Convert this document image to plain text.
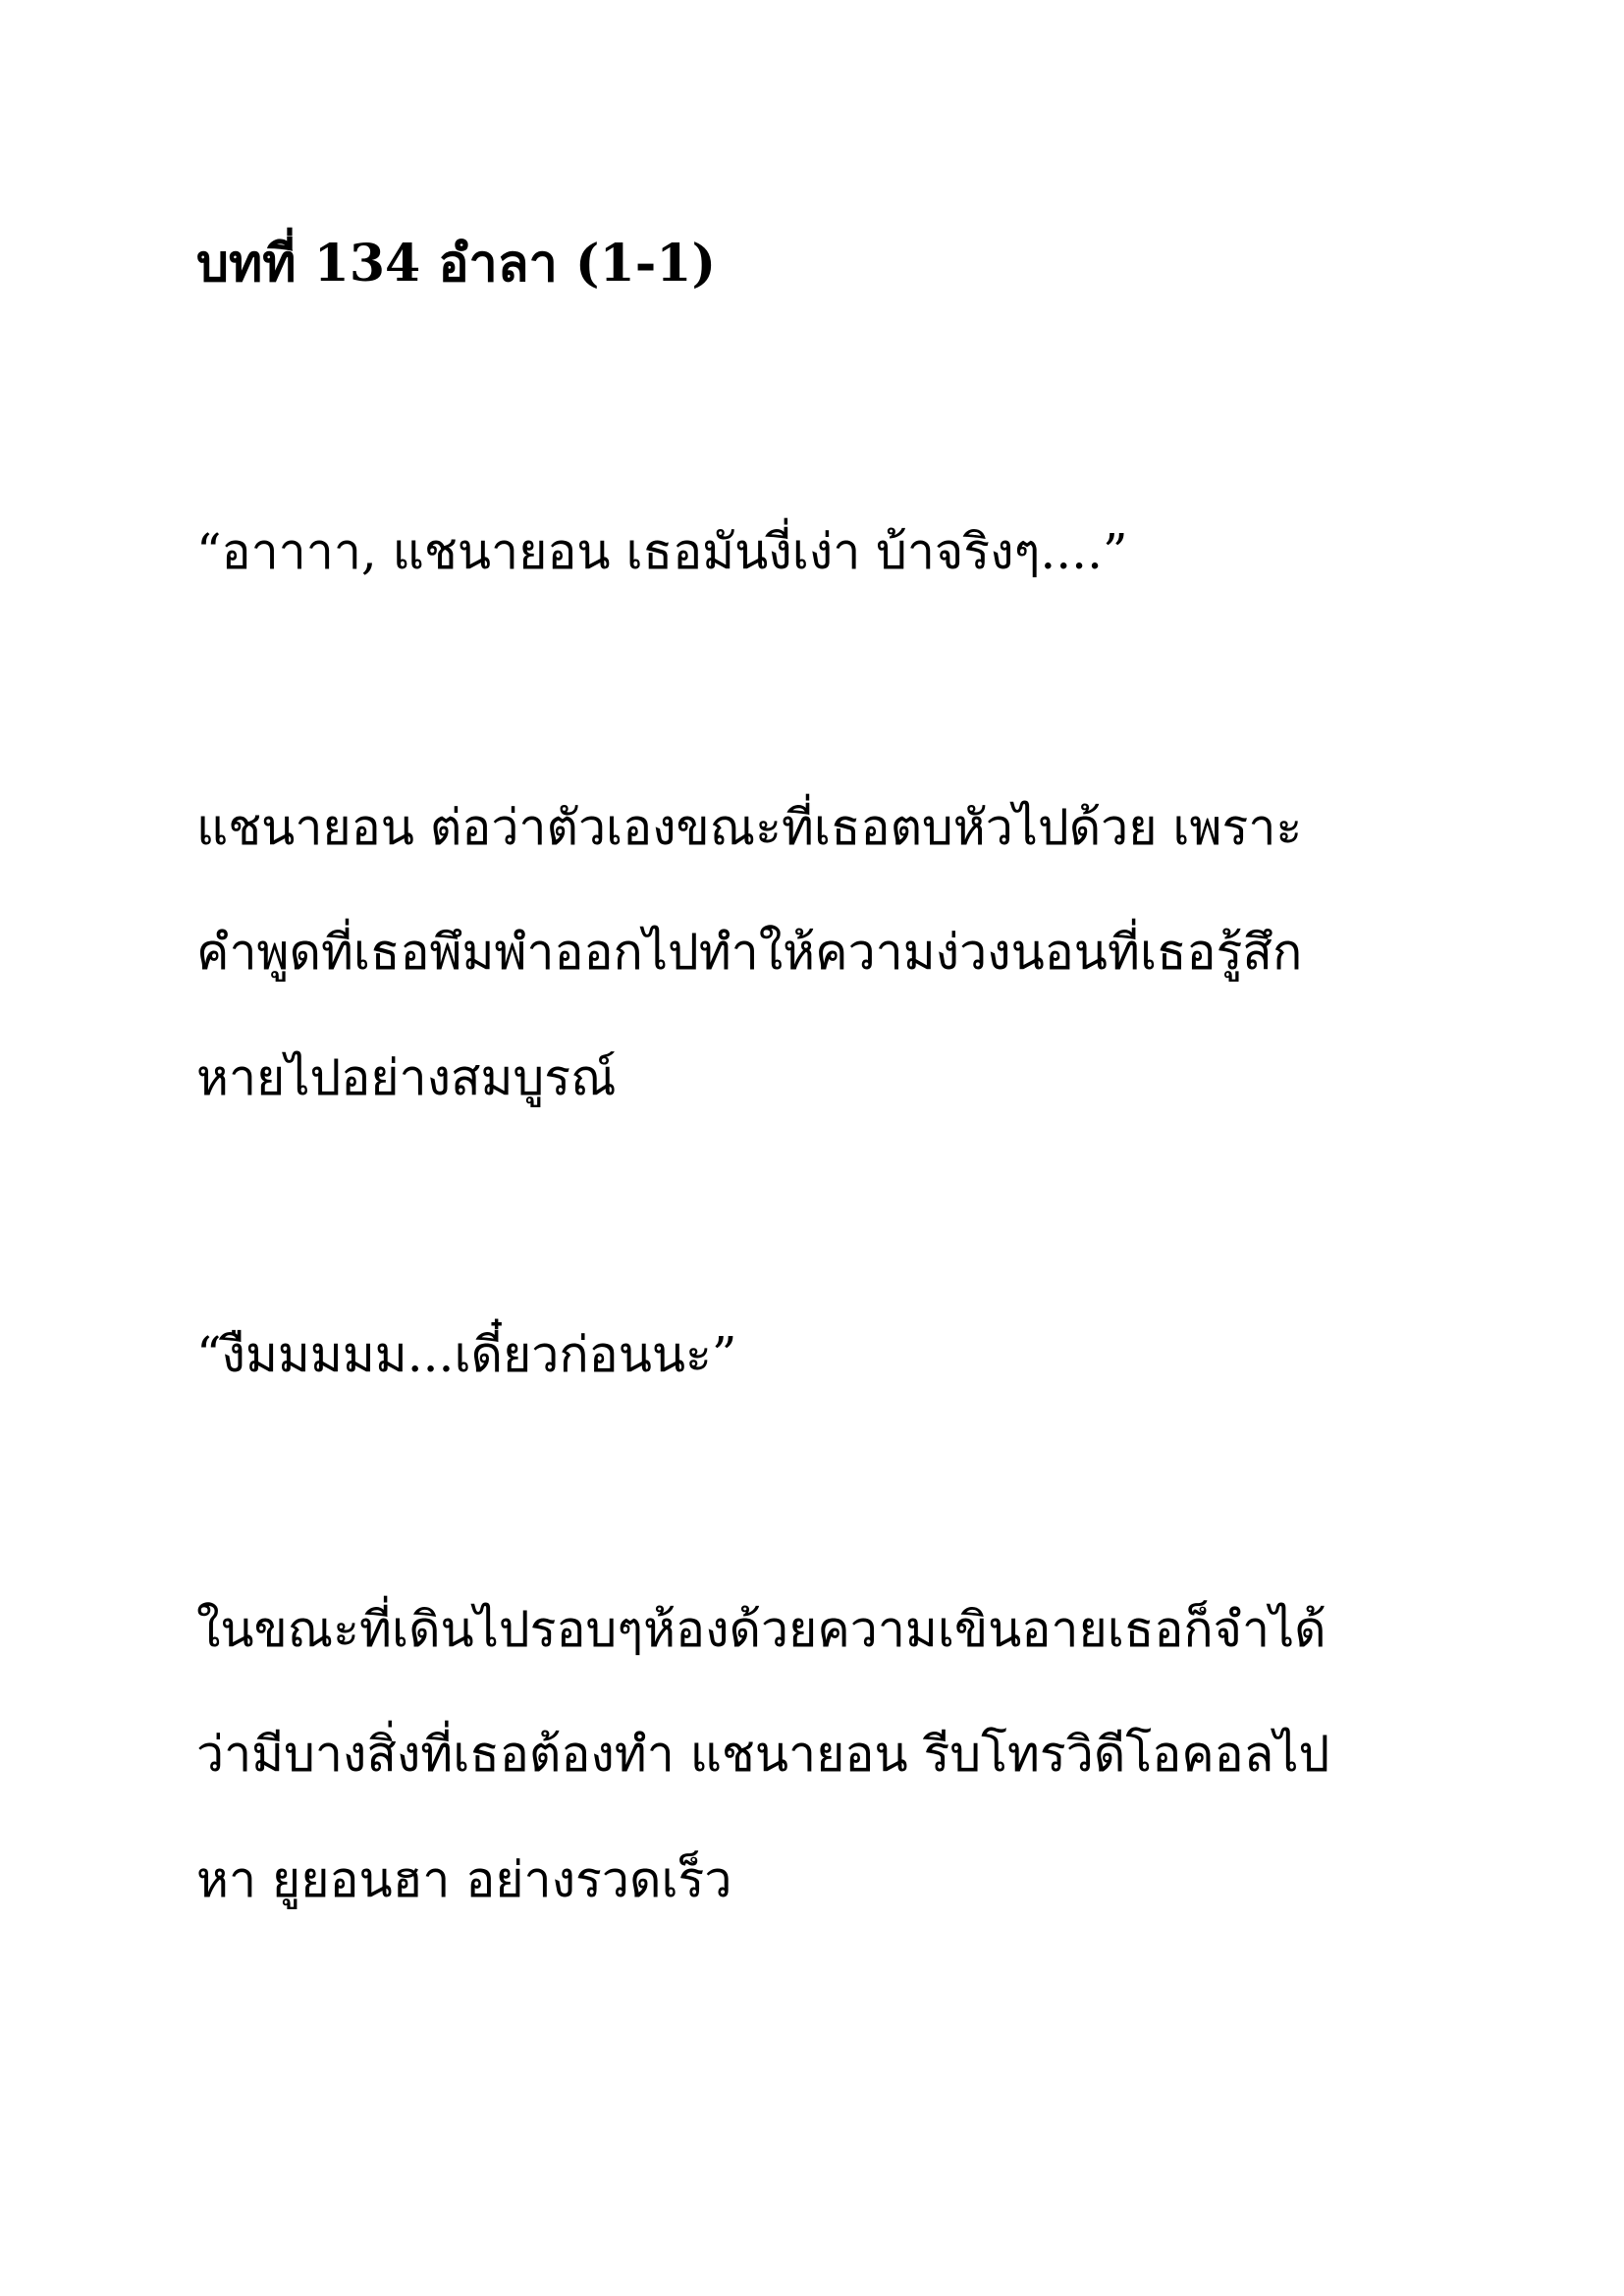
บทที่ 134 อำลา (1-1)
“อาาาา, แชนายอน เธอมันงี่เง่า บ้าจริงๆ....”
แชนายอน ต่อว่าตัวเองขณะที่เธอตบหัวไปด้วย เพราะ
คำพูดที่เธอพึมพำออกไปทำให้ความง่วงนอนที่เธอรู้สึก
หายไปอย่างสมบูรณ์
“งืมมมมม...เดี๋ยวก่อนนะ”
ในขณะที่เดินไปรอบๆห้องด้วยความเขินอายเธอก็จำได้
ว่ามีบางสิ่งที่เธอต้องทำ แชนายอน รีบโทรวิดีโอคอลไป
หา ยูยอนฮา อย่างรวดเร็ว
